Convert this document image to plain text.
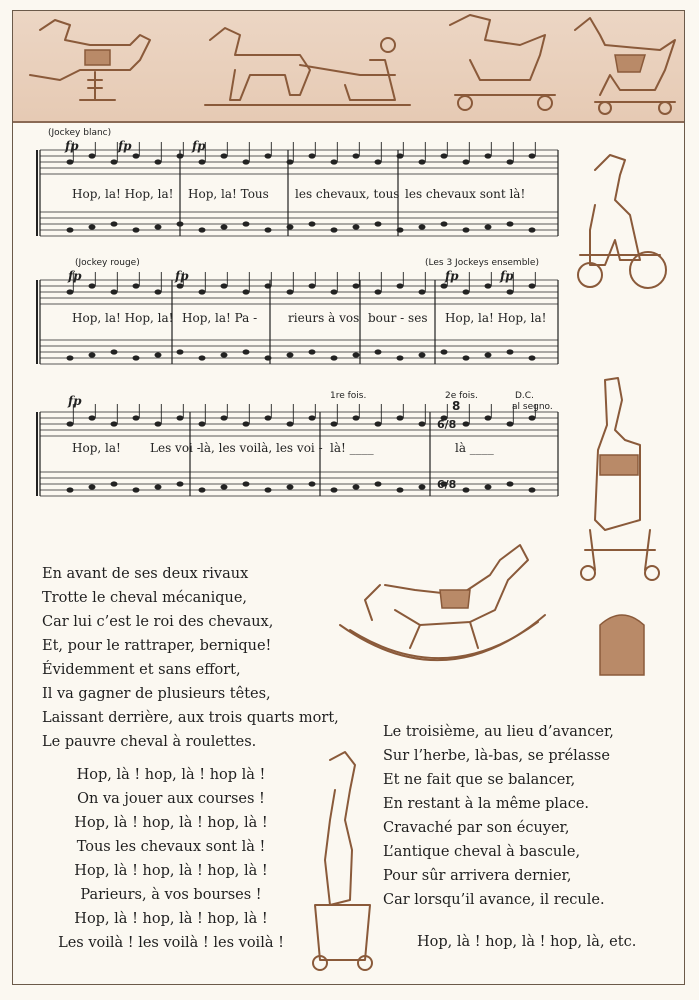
(Jockey blanc)
fp	fp	fp
Hop, la! Hop, la! Hop, la! Tous les chevaux, tous les chevaux sont là!
(Jockey rouge)	(Les 3 Jockeys ensemble)
fp	fp	fp	fp
Hop, la! Hop, la! Hop, la! Pa -	rieurs à vos bour - ses Hop, la! Hop, la!
fp	1re fois.	2e fois.	D.C.
al segno.
8
6/8
6/8
Hop, la! Les voi - là, les voilà, les voi - là! ____	là ____
En avant de ses deux rivaux
Trotte le cheval mécanique,
Car lui c’est le roi des chevaux,
Et, pour le rattraper, bernique!
Évidemment et sans effort,
Il va gagner de plusieurs têtes,
Laissant derrière, aux trois quarts mort,
Le pauvre cheval à roulettes.
Hop, là ! hop, là ! hop là !
On va jouer aux courses !
Hop, là ! hop, là ! hop, là !
Tous les chevaux sont là !
Hop, là ! hop, là ! hop, là !
Parieurs, à vos bourses !
Hop, là ! hop, là ! hop, là !
Les voilà ! les voilà ! les voilà !
Le troisième, au lieu d’avancer,
Sur l’herbe, là-bas, se prélasse
Et ne fait que se balancer,
En restant à la même place.
Cravaché par son écuyer,
L’antique cheval à bascule,
Pour sûr arrivera dernier,
Car lorsqu’il avance, il recule.
Hop, là ! hop, là ! hop, là, etc.
